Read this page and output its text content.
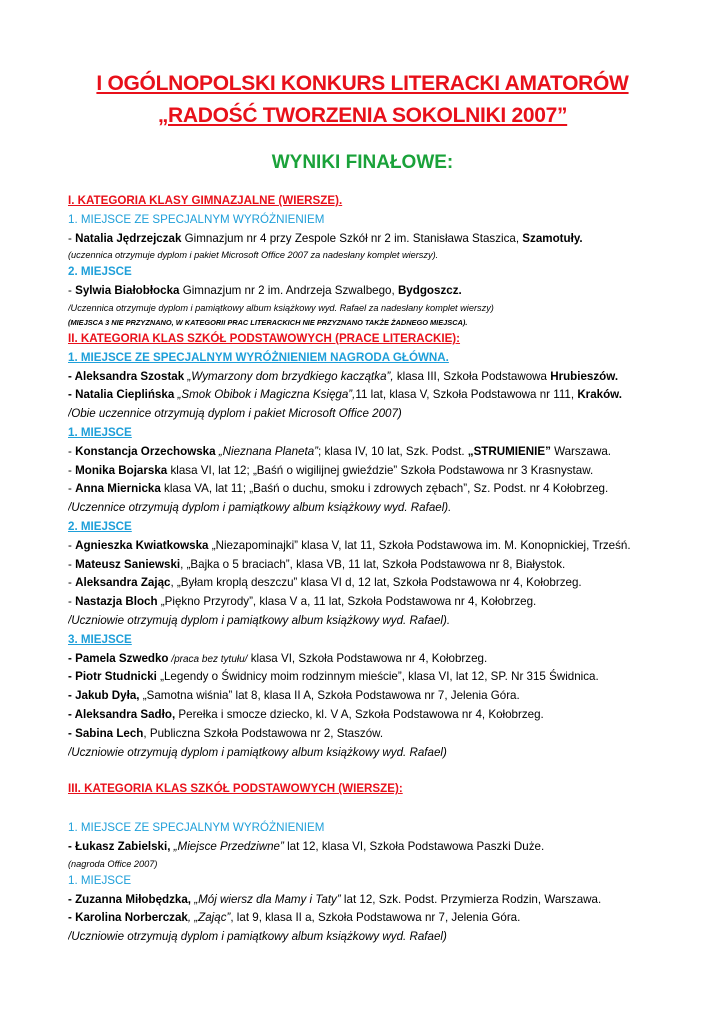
I OGÓLNOPOLSKI KONKURS LITERACKI AMATORÓW
„RADOŚĆ TWORZENIA SOKOLNIKI 2007”
WYNIKI FINAŁOWE:
I. KATEGORIA KLASY GIMNAZJALNE (WIERSZE).
1. MIEJSCE ZE SPECJALNYM WYRÓŻNIENIEM
- Natalia Jędrzejczak Gimnazjum nr 4 przy Zespole Szkół nr 2 im. Stanisława Staszica, Szamotuły.
(uczennica otrzymuje dyplom i pakiet Microsoft Office 2007 za nadesłany komplet wierszy).
2. MIEJSCE
- Sylwia Białobłocka Gimnazjum nr 2 im. Andrzeja Szwalbego, Bydgoszcz.
/Uczennica otrzymuje dyplom i pamiątkowy album książkowy wyd. Rafael za nadesłany komplet wierszy)
(MIEJSCA 3 NIE PRZYZNANO, W KATEGORII PRAC LITERACKICH NIE PRZYZNANO TAKŻE ŻADNEGO MIEJSCA).
II. KATEGORIA KLAS SZKÓŁ PODSTAWOWYCH (PRACE LITERACKIE):
1. MIEJSCE ZE SPECJALNYM WYRÓŻNIENIEM NAGRODA GŁÓWNA.
- Aleksandra Szostak „Wymarzony dom brzydkiego kaczątka”, klasa III, Szkoła Podstawowa Hrubieszów.
- Natalia Cieplińska „Smok Obibok i Magiczna Księga”,11 lat, klasa V, Szkoła Podstawowa nr 111, Kraków.
/Obie uczennice otrzymują dyplom i pakiet Microsoft Office 2007)
1. MIEJSCE
- Konstancja Orzechowska „Nieznana Planeta”; klasa IV, 10 lat, Szk. Podst. „STRUMIENIE” Warszawa.
- Monika Bojarska klasa VI, lat 12; „Baśń o wigilijnej gwieździe” Szkoła Podstawowa nr 3 Krasnystaw.
- Anna Miernicka klasa VA, lat 11; „Baśń o duchu, smoku i zdrowych zębach”, Sz. Podst. nr 4 Kołobrzeg.
/Uczennice otrzymują dyplom i pamiątkowy album książkowy wyd. Rafael).
2. MIEJSCE
- Agnieszka Kwiatkowska „Niezapominajki” klasa V, lat 11, Szkoła Podstawowa im. M. Konopnickiej, Trześń.
- Mateusz Saniewski, „Bajka o 5 braciach”, klasa VB, 11 lat, Szkoła Podstawowa nr 8, Białystok.
- Aleksandra Zając, „Byłam kroplą deszczu” klasa VI d, 12 lat, Szkoła Podstawowa nr 4, Kołobrzeg.
- Nastazja Bloch „Piękno Przyrody”, klasa V a, 11 lat, Szkoła Podstawowa nr 4, Kołobrzeg.
/Uczniowie otrzymują dyplom i pamiątkowy album książkowy wyd. Rafael).
3. MIEJSCE
- Pamela Szwedko /praca bez tytułu/ klasa VI, Szkoła Podstawowa nr 4, Kołobrzeg.
- Piotr Studnicki „Legendy o Świdnicy moim rodzinnym mieście”, klasa VI, lat 12, SP. Nr 315 Świdnica.
- Jakub Dyła, „Samotna wiśnia” lat 8, klasa II A, Szkoła Podstawowa nr 7, Jelenia Góra.
- Aleksandra Sadło, Perełka i smocze dziecko, kl. V A, Szkoła Podstawowa nr 4, Kołobrzeg.
- Sabina Lech, Publiczna Szkoła Podstawowa nr 2, Staszów.
/Uczniowie otrzymują dyplom i pamiątkowy album książkowy wyd. Rafael)
III. KATEGORIA KLAS SZKÓŁ PODSTAWOWYCH (WIERSZE):
1. MIEJSCE ZE SPECJALNYM WYRÓŻNIENIEM
- Łukasz Zabielski, „Miejsce Przedziwne” lat 12, klasa VI, Szkoła Podstawowa Paszki Duże.
(nagroda Office 2007)
1. MIEJSCE
- Zuzanna Miłobędzka, „Mój wiersz dla Mamy i Taty” lat 12, Szk. Podst. Przymierza Rodzin, Warszawa.
- Karolina Norberczak, „Zając”, lat 9, klasa II a, Szkoła Podstawowa nr 7, Jelenia Góra.
/Uczniowie otrzymują dyplom i pamiątkowy album książkowy wyd. Rafael)
